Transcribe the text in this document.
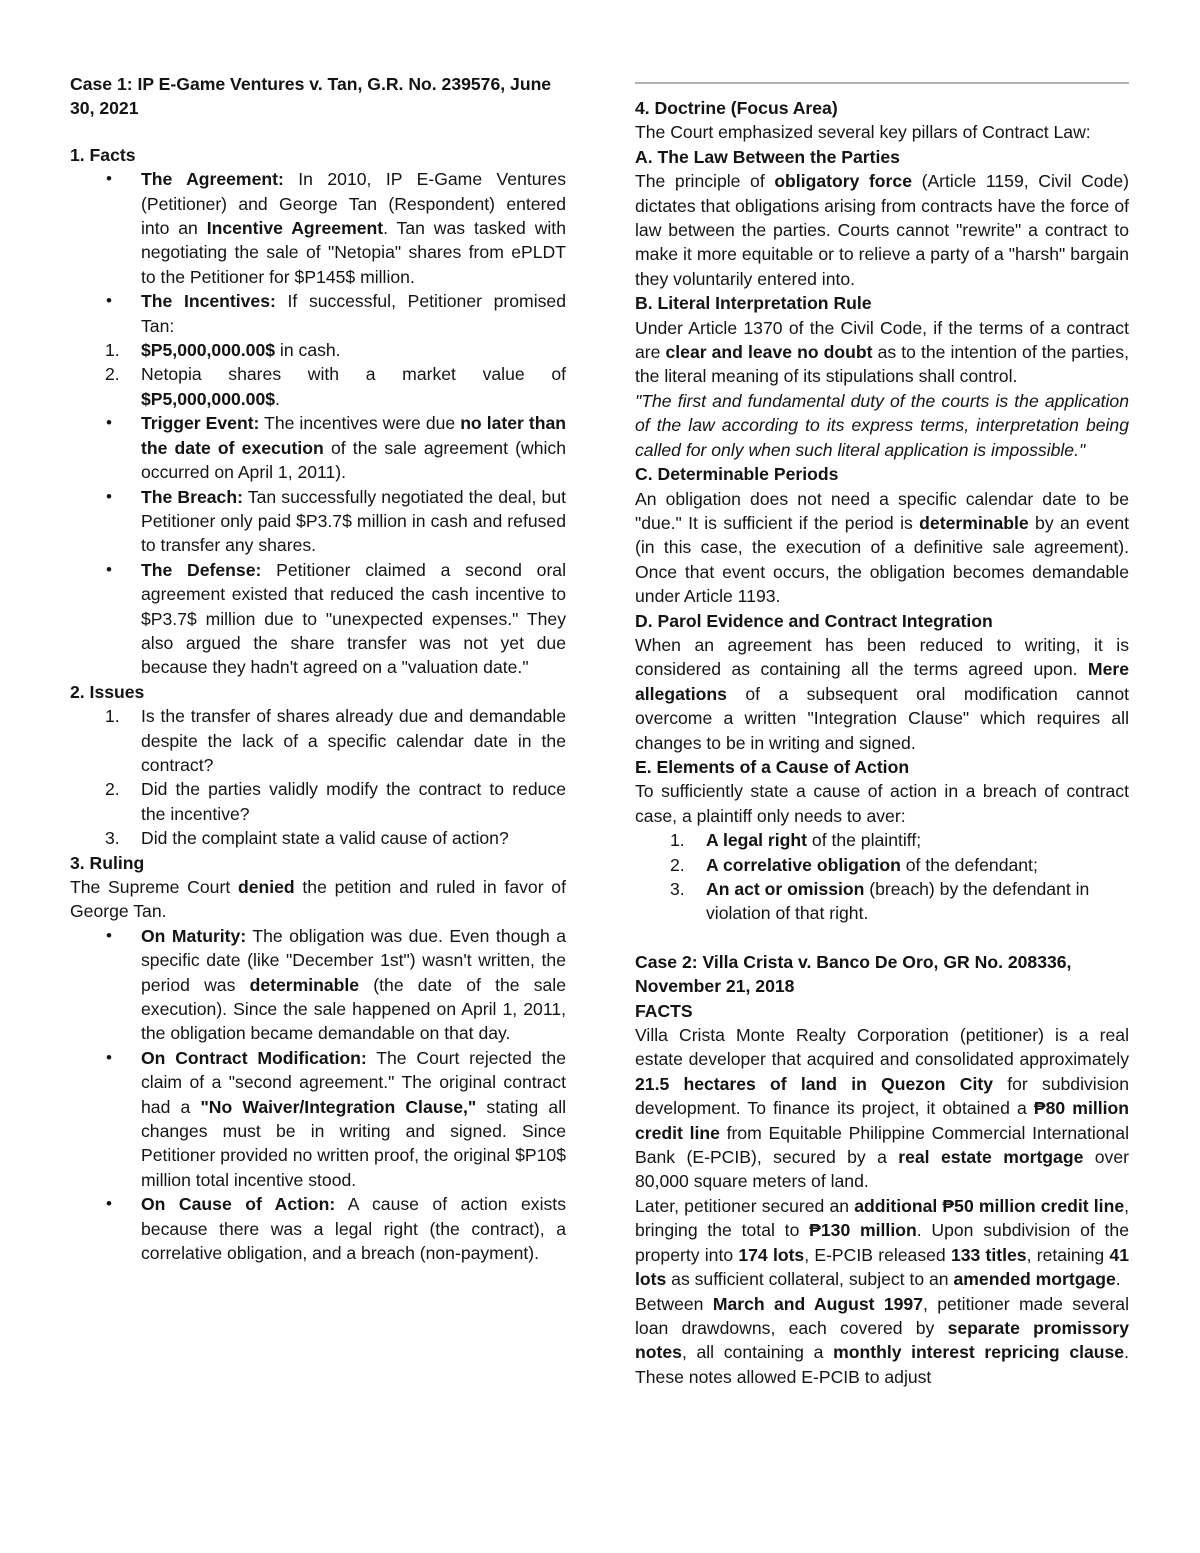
Case 1: IP E-Game Ventures v. Tan, G.R. No. 239576, June 30, 2021

1. Facts

• The Agreement: In 2010, IP E-Game Ventures (Petitioner) and George Tan (Respondent) entered into an Incentive Agreement. Tan was tasked with negotiating the sale of "Netopia" shares from ePLDT to the Petitioner for $P145$ million.
• The Incentives: If successful, Petitioner promised Tan:
1. $P5,000,000.00$ in cash.
2. Netopia shares with a market value of $P5,000,000.00$.
• Trigger Event: The incentives were due no later than the date of execution of the sale agreement (which occurred on April 1, 2011).
• The Breach: Tan successfully negotiated the deal, but Petitioner only paid $P3.7$ million in cash and refused to transfer any shares.
• The Defense: Petitioner claimed a second oral agreement existed that reduced the cash incentive to $P3.7$ million due to "unexpected expenses." They also argued the share transfer was not yet due because they hadn't agreed on a "valuation date."

2. Issues

1. Is the transfer of shares already due and demandable despite the lack of a specific calendar date in the contract?
2. Did the parties validly modify the contract to reduce the incentive?
3. Did the complaint state a valid cause of action?

3. Ruling

The Supreme Court denied the petition and ruled in favor of George Tan.

• On Maturity: The obligation was due. Even though a specific date (like "December 1st") wasn't written, the period was determinable (the date of the sale execution). Since the sale happened on April 1, 2011, the obligation became demandable on that day.
• On Contract Modification: The Court rejected the claim of a "second agreement." The original contract had a "No Waiver/Integration Clause," stating all changes must be in writing and signed. Since Petitioner provided no written proof, the original $P10$ million total incentive stood.
• On Cause of Action: A cause of action exists because there was a legal right (the contract), a correlative obligation, and a breach (non-payment).

4. Doctrine (Focus Area)

The Court emphasized several key pillars of Contract Law:

A. The Law Between the Parties

The principle of obligatory force (Article 1159, Civil Code) dictates that obligations arising from contracts have the force of law between the parties. Courts cannot "rewrite" a contract to make it more equitable or to relieve a party of a "harsh" bargain they voluntarily entered into.

B. Literal Interpretation Rule

Under Article 1370 of the Civil Code, if the terms of a contract are clear and leave no doubt as to the intention of the parties, the literal meaning of its stipulations shall control.

"The first and fundamental duty of the courts is the application of the law according to its express terms, interpretation being called for only when such literal application is impossible."

C. Determinable Periods

An obligation does not need a specific calendar date to be "due." It is sufficient if the period is determinable by an event (in this case, the execution of a definitive sale agreement). Once that event occurs, the obligation becomes demandable under Article 1193.

D. Parol Evidence and Contract Integration

When an agreement has been reduced to writing, it is considered as containing all the terms agreed upon. Mere allegations of a subsequent oral modification cannot overcome a written "Integration Clause" which requires all changes to be in writing and signed.

E. Elements of a Cause of Action

To sufficiently state a cause of action in a breach of contract case, a plaintiff only needs to aver:

1. A legal right of the plaintiff;
2. A correlative obligation of the defendant;
3. An act or omission (breach) by the defendant in violation of that right.

Case 2: Villa Crista v. Banco De Oro, GR No. 208336, November 21, 2018

FACTS

Villa Crista Monte Realty Corporation (petitioner) is a real estate developer that acquired and consolidated approximately 21.5 hectares of land in Quezon City for subdivision development. To finance its project, it obtained a ₱80 million credit line from Equitable Philippine Commercial International Bank (E-PCIB), secured by a real estate mortgage over 80,000 square meters of land.

Later, petitioner secured an additional ₱50 million credit line, bringing the total to ₱130 million. Upon subdivision of the property into 174 lots, E-PCIB released 133 titles, retaining 41 lots as sufficient collateral, subject to an amended mortgage.

Between March and August 1997, petitioner made several loan drawdowns, each covered by separate promissory notes, all containing a monthly interest repricing clause. These notes allowed E-PCIB to adjust
